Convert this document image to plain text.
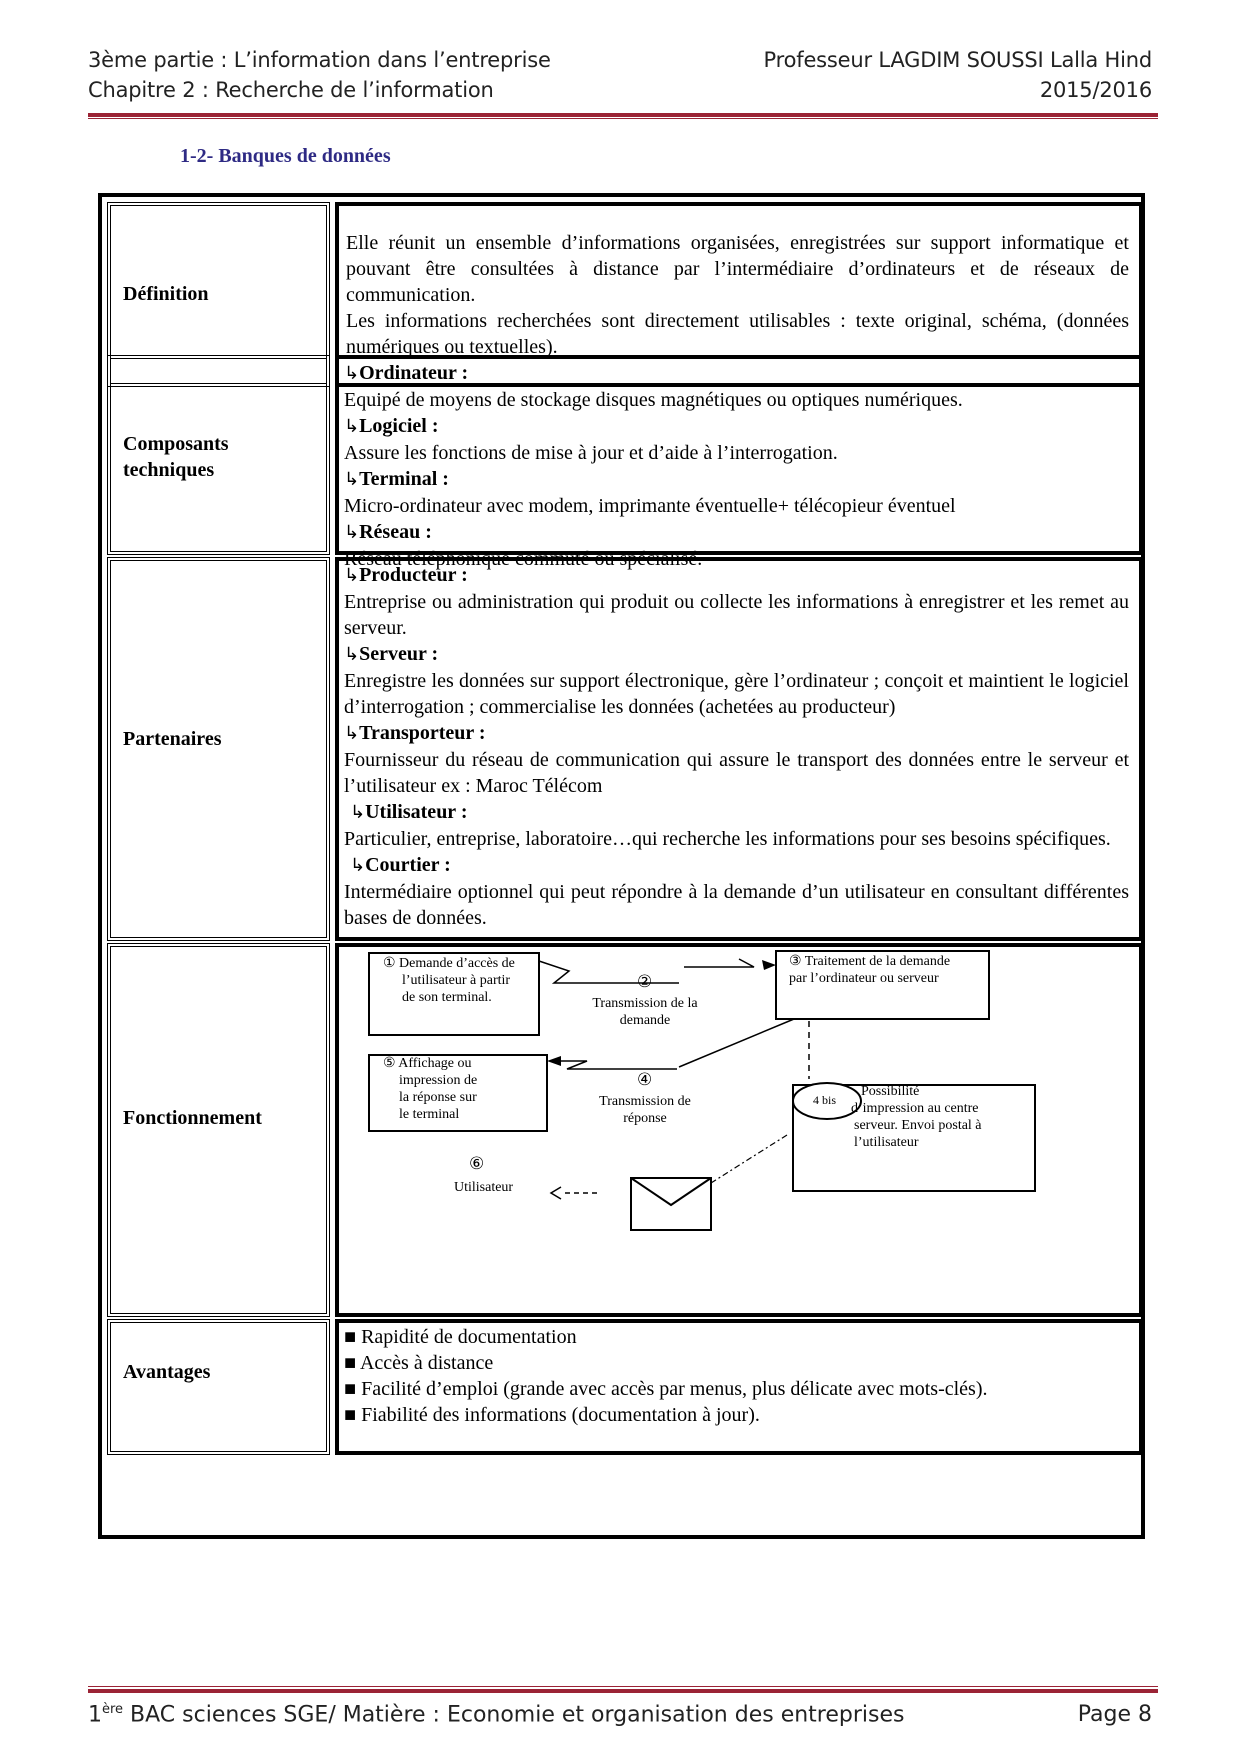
3ème partie : L’information dans l’entreprise
Chapitre 2 : Recherche de l’information
Professeur LAGDIM SOUSSI Lalla Hind
2015/2016
1-2- Banques de données
Définition
Elle réunit un ensemble d’informations organisées, enregistrées sur support informatique et pouvant être consultées à distance par l’intermédiaire d’ordinateurs et de réseaux de communication.
Les informations recherchées sont directement utilisables : texte original, schéma, (données numériques ou textuelles).
Composants
techniques
↳Ordinateur :
Equipé de moyens de stockage disques magnétiques ou optiques numériques.
↳Logiciel :
Assure les fonctions de mise à jour et d’aide à l’interrogation.
↳Terminal :
Micro-ordinateur avec modem, imprimante éventuelle+ télécopieur éventuel
↳Réseau :
Réseau téléphonique commuté ou spécialisé.
Partenaires
↳Producteur :
Entreprise ou administration qui produit ou collecte les informations à enregistrer et les remet au serveur.
↳Serveur :
Enregistre les données sur support électronique, gère l’ordinateur ; conçoit et maintient le logiciel d’interrogation ; commercialise les données (achetées au producteur)
↳Transporteur :
Fournisseur du réseau de communication qui assure le transport des données entre le serveur et l’utilisateur ex : Maroc Télécom
↳Utilisateur :
Particulier, entreprise, laboratoire…qui recherche les informations pour ses besoins spécifiques.
↳Courtier :
Intermédiaire optionnel qui peut répondre à la demande d’un utilisateur en consultant différentes bases de données.
Fonctionnement
① Demande d’accès de
l’utilisateur à partir
de son terminal.
②
Transmission de la
demande
③ Traitement de la demande
par l’ordinateur ou serveur
⑤ Affichage ou
impression de
la réponse sur
le terminal
④
Transmission de
réponse
4 bis
Possibilité
d’impression au centre
serveur. Envoi postal à
l’utilisateur
⑥
Utilisateur
Avantages
■ Rapidité de documentation
■ Accès à distance
■ Facilité d’emploi (grande avec accès par menus, plus délicate avec mots-clés).
■ Fiabilité des informations (documentation à jour).
1ère BAC sciences SGE/ Matière : Economie et organisation des entreprises	Page 8
